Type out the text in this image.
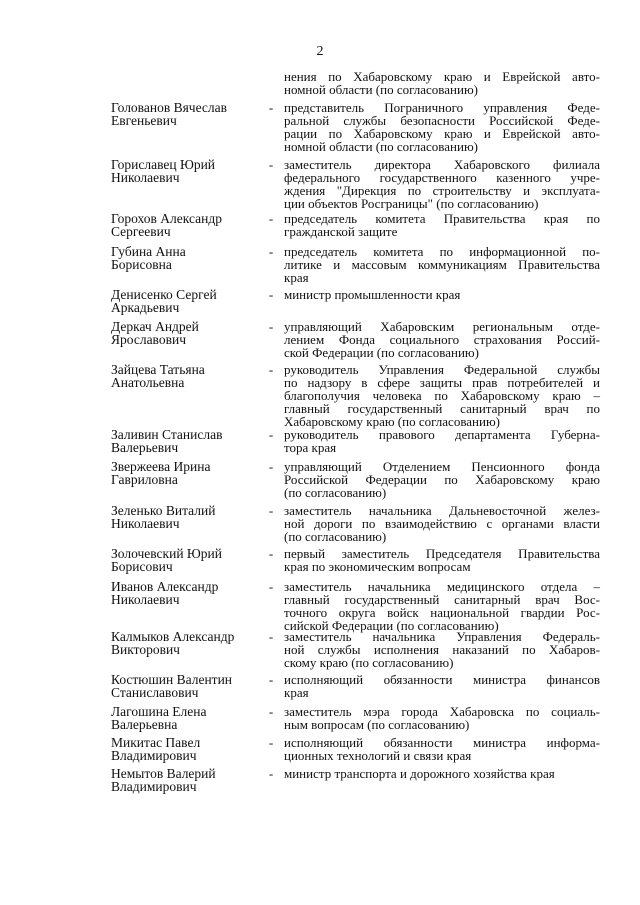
2
нения по Хабаровскому краю и Еврейской авто-
номной области (по согласованию)
Голованов Вячеслав
Евгеньевич
- представитель Пограничного управления Феде-
ральной службы безопасности Российской Феде-
рации по Хабаровскому краю и Еврейской авто-
номной области (по согласованию)
Гориславец Юрий
Николаевич
- заместитель директора Хабаровского филиала
федерального государственного казенного учре-
ждения "Дирекция по строительству и эксплуата-
ции объектов Росграницы" (по согласованию)
Горохов Александр
Сергеевич
- председатель комитета Правительства края по
гражданской защите
Губина Анна
Борисовна
- председатель комитета по информационной по-
литике и массовым коммуникациям Правительства
края
Денисенко Сергей
Аркадьевич
- министр промышленности края
Деркач Андрей
Ярославович
- управляющий Хабаровским региональным отде-
лением Фонда социального страхования Россий-
ской Федерации (по согласованию)
Зайцева Татьяна
Анатольевна
- руководитель Управления Федеральной службы
по надзору в сфере защиты прав потребителей и
благополучия человека по Хабаровскому краю –
главный государственный санитарный врач по
Хабаровскому краю (по согласованию)
Заливин Станислав
Валерьевич
- руководитель правового департамента Губерна-
тора края
Звержеева Ирина
Гавриловна
- управляющий Отделением Пенсионного фонда
Российской Федерации по Хабаровскому краю
(по согласованию)
Зеленько Виталий
Николаевич
- заместитель начальника Дальневосточной желез-
ной дороги по взаимодействию с органами власти
(по согласованию)
Золочевский Юрий
Борисович
- первый заместитель Председателя Правительства
края по экономическим вопросам
Иванов Александр
Николаевич
- заместитель начальника медицинского отдела –
главный государственный санитарный врач Вос-
точного округа войск национальной гвардии Рос-
сийской Федерации (по согласованию)
Калмыков Александр
Викторович
- заместитель начальника Управления Федераль-
ной службы исполнения наказаний по Хабаров-
скому краю (по согласованию)
Костюшин Валентин
Станиславович
- исполняющий обязанности министра финансов
края
Лагошина Елена
Валерьевна
- заместитель мэра города Хабаровска по социаль-
ным вопросам (по согласованию)
Микитас Павел
Владимирович
- исполняющий обязанности министра информа-
ционных технологий и связи края
Немытов Валерий
Владимирович
- министр транспорта и дорожного хозяйства края
